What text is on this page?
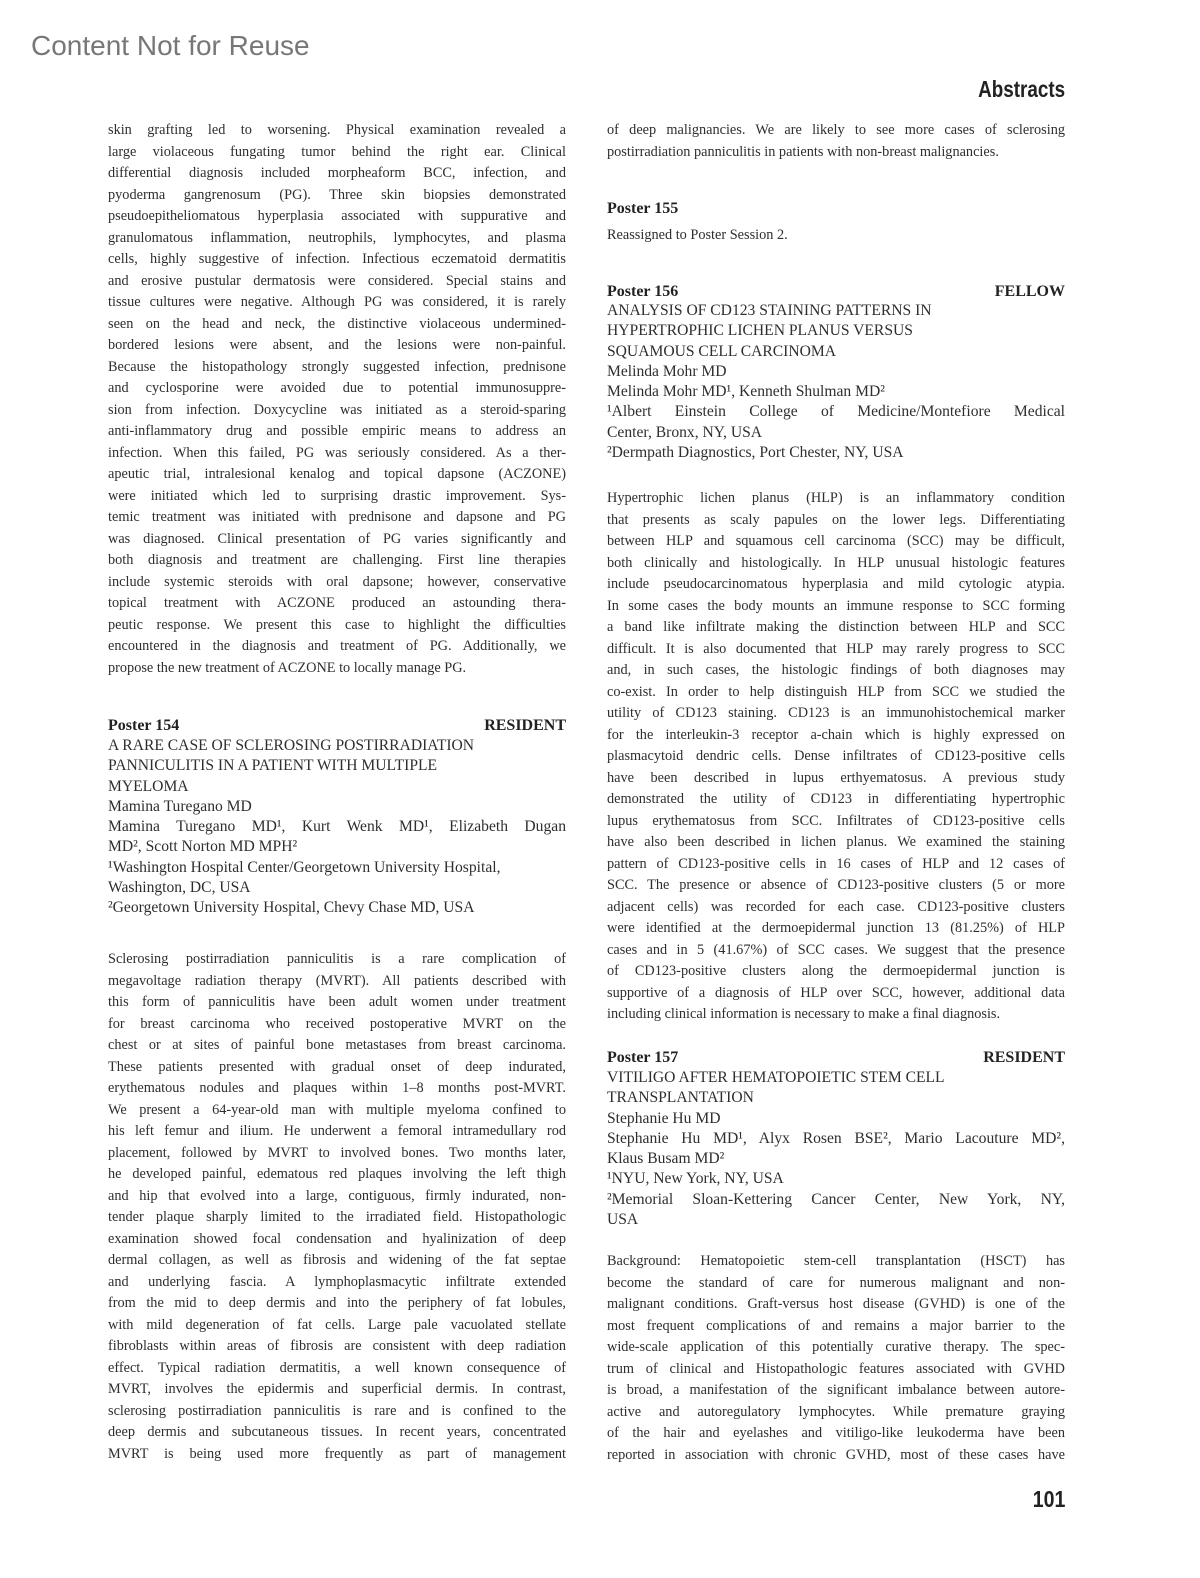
Content Not for Reuse
Abstracts
skin grafting led to worsening. Physical examination revealed a
large violaceous fungating tumor behind the right ear. Clinical
differential diagnosis included morpheaform BCC, infection, and
pyoderma gangrenosum (PG). Three skin biopsies demonstrated
pseudoepitheliomatous hyperplasia associated with suppurative and
granulomatous inflammation, neutrophils, lymphocytes, and plasma
cells, highly suggestive of infection. Infectious eczematoid dermatitis
and erosive pustular dermatosis were considered. Special stains and
tissue cultures were negative. Although PG was considered, it is rarely
seen on the head and neck, the distinctive violaceous undermined-
bordered lesions were absent, and the lesions were non-painful.
Because the histopathology strongly suggested infection, prednisone
and cyclosporine were avoided due to potential immunosuppre-
sion from infection. Doxycycline was initiated as a steroid-sparing
anti-inflammatory drug and possible empiric means to address an
infection. When this failed, PG was seriously considered. As a ther-
apeutic trial, intralesional kenalog and topical dapsone (ACZONE)
were initiated which led to surprising drastic improvement. Sys-
temic treatment was initiated with prednisone and dapsone and PG
was diagnosed. Clinical presentation of PG varies significantly and
both diagnosis and treatment are challenging. First line therapies
include systemic steroids with oral dapsone; however, conservative
topical treatment with ACZONE produced an astounding thera-
peutic response. We present this case to highlight the difficulties
encountered in the diagnosis and treatment of PG. Additionally, we
propose the new treatment of ACZONE to locally manage PG.
Poster 154	RESIDENT
A RARE CASE OF SCLEROSING POSTIRRADIATION
PANNICULITIS IN A PATIENT WITH MULTIPLE
MYELOMA
Mamina Turegano MD
Mamina Turegano MD¹, Kurt Wenk MD¹, Elizabeth Dugan
MD², Scott Norton MD MPH²
¹Washington Hospital Center/Georgetown University Hospital,
Washington, DC, USA
²Georgetown University Hospital, Chevy Chase MD, USA
Sclerosing postirradiation panniculitis is a rare complication of
megavoltage radiation therapy (MVRT). All patients described with
this form of panniculitis have been adult women under treatment
for breast carcinoma who received postoperative MVRT on the
chest or at sites of painful bone metastases from breast carcinoma.
These patients presented with gradual onset of deep indurated,
erythematous nodules and plaques within 1–8 months post-MVRT.
We present a 64-year-old man with multiple myeloma confined to
his left femur and ilium. He underwent a femoral intramedullary rod
placement, followed by MVRT to involved bones. Two months later,
he developed painful, edematous red plaques involving the left thigh
and hip that evolved into a large, contiguous, firmly indurated, non-
tender plaque sharply limited to the irradiated field. Histopathologic
examination showed focal condensation and hyalinization of deep
dermal collagen, as well as fibrosis and widening of the fat septae
and underlying fascia. A lymphoplasmacytic infiltrate extended
from the mid to deep dermis and into the periphery of fat lobules,
with mild degeneration of fat cells. Large pale vacuolated stellate
fibroblasts within areas of fibrosis are consistent with deep radiation
effect. Typical radiation dermatitis, a well known consequence of
MVRT, involves the epidermis and superficial dermis. In contrast,
sclerosing postirradiation panniculitis is rare and is confined to the
deep dermis and subcutaneous tissues. In recent years, concentrated
MVRT is being used more frequently as part of management
of deep malignancies. We are likely to see more cases of sclerosing
postirradiation panniculitis in patients with non-breast malignancies.
Poster 155
Reassigned to Poster Session 2.
Poster 156	FELLOW
ANALYSIS OF CD123 STAINING PATTERNS IN
HYPERTROPHIC LICHEN PLANUS VERSUS
SQUAMOUS CELL CARCINOMA
Melinda Mohr MD
Melinda Mohr MD¹, Kenneth Shulman MD²
¹Albert Einstein College of Medicine/Montefiore Medical
Center, Bronx, NY, USA
²Dermpath Diagnostics, Port Chester, NY, USA
Hypertrophic lichen planus (HLP) is an inflammatory condition
that presents as scaly papules on the lower legs. Differentiating
between HLP and squamous cell carcinoma (SCC) may be difficult,
both clinically and histologically. In HLP unusual histologic features
include pseudocarcinomatous hyperplasia and mild cytologic atypia.
In some cases the body mounts an immune response to SCC forming
a band like infiltrate making the distinction between HLP and SCC
difficult. It is also documented that HLP may rarely progress to SCC
and, in such cases, the histologic findings of both diagnoses may
co-exist. In order to help distinguish HLP from SCC we studied the
utility of CD123 staining. CD123 is an immunohistochemical marker
for the interleukin-3 receptor a-chain which is highly expressed on
plasmacytoid dendric cells. Dense infiltrates of CD123-positive cells
have been described in lupus erthyematosus. A previous study
demonstrated the utility of CD123 in differentiating hypertrophic
lupus erythematosus from SCC. Infiltrates of CD123-positive cells
have also been described in lichen planus. We examined the staining
pattern of CD123-positive cells in 16 cases of HLP and 12 cases of
SCC. The presence or absence of CD123-positive clusters (5 or more
adjacent cells) was recorded for each case. CD123-positive clusters
were identified at the dermoepidermal junction 13 (81.25%) of HLP
cases and in 5 (41.67%) of SCC cases. We suggest that the presence
of CD123-positive clusters along the dermoepidermal junction is
supportive of a diagnosis of HLP over SCC, however, additional data
including clinical information is necessary to make a final diagnosis.
Poster 157	RESIDENT
VITILIGO AFTER HEMATOPOIETIC STEM CELL
TRANSPLANTATION
Stephanie Hu MD
Stephanie Hu MD¹, Alyx Rosen BSE², Mario Lacouture MD²,
Klaus Busam MD²
¹NYU, New York, NY, USA
²Memorial Sloan-Kettering Cancer Center, New York, NY,
USA
Background: Hematopoietic stem-cell transplantation (HSCT) has
become the standard of care for numerous malignant and non-
malignant conditions. Graft-versus host disease (GVHD) is one of the
most frequent complications of and remains a major barrier to the
wide-scale application of this potentially curative therapy. The spec-
trum of clinical and Histopathologic features associated with GVHD
is broad, a manifestation of the significant imbalance between autore-
active and autoregulatory lymphocytes. While premature graying
of the hair and eyelashes and vitiligo-like leukoderma have been
reported in association with chronic GVHD, most of these cases have
101
